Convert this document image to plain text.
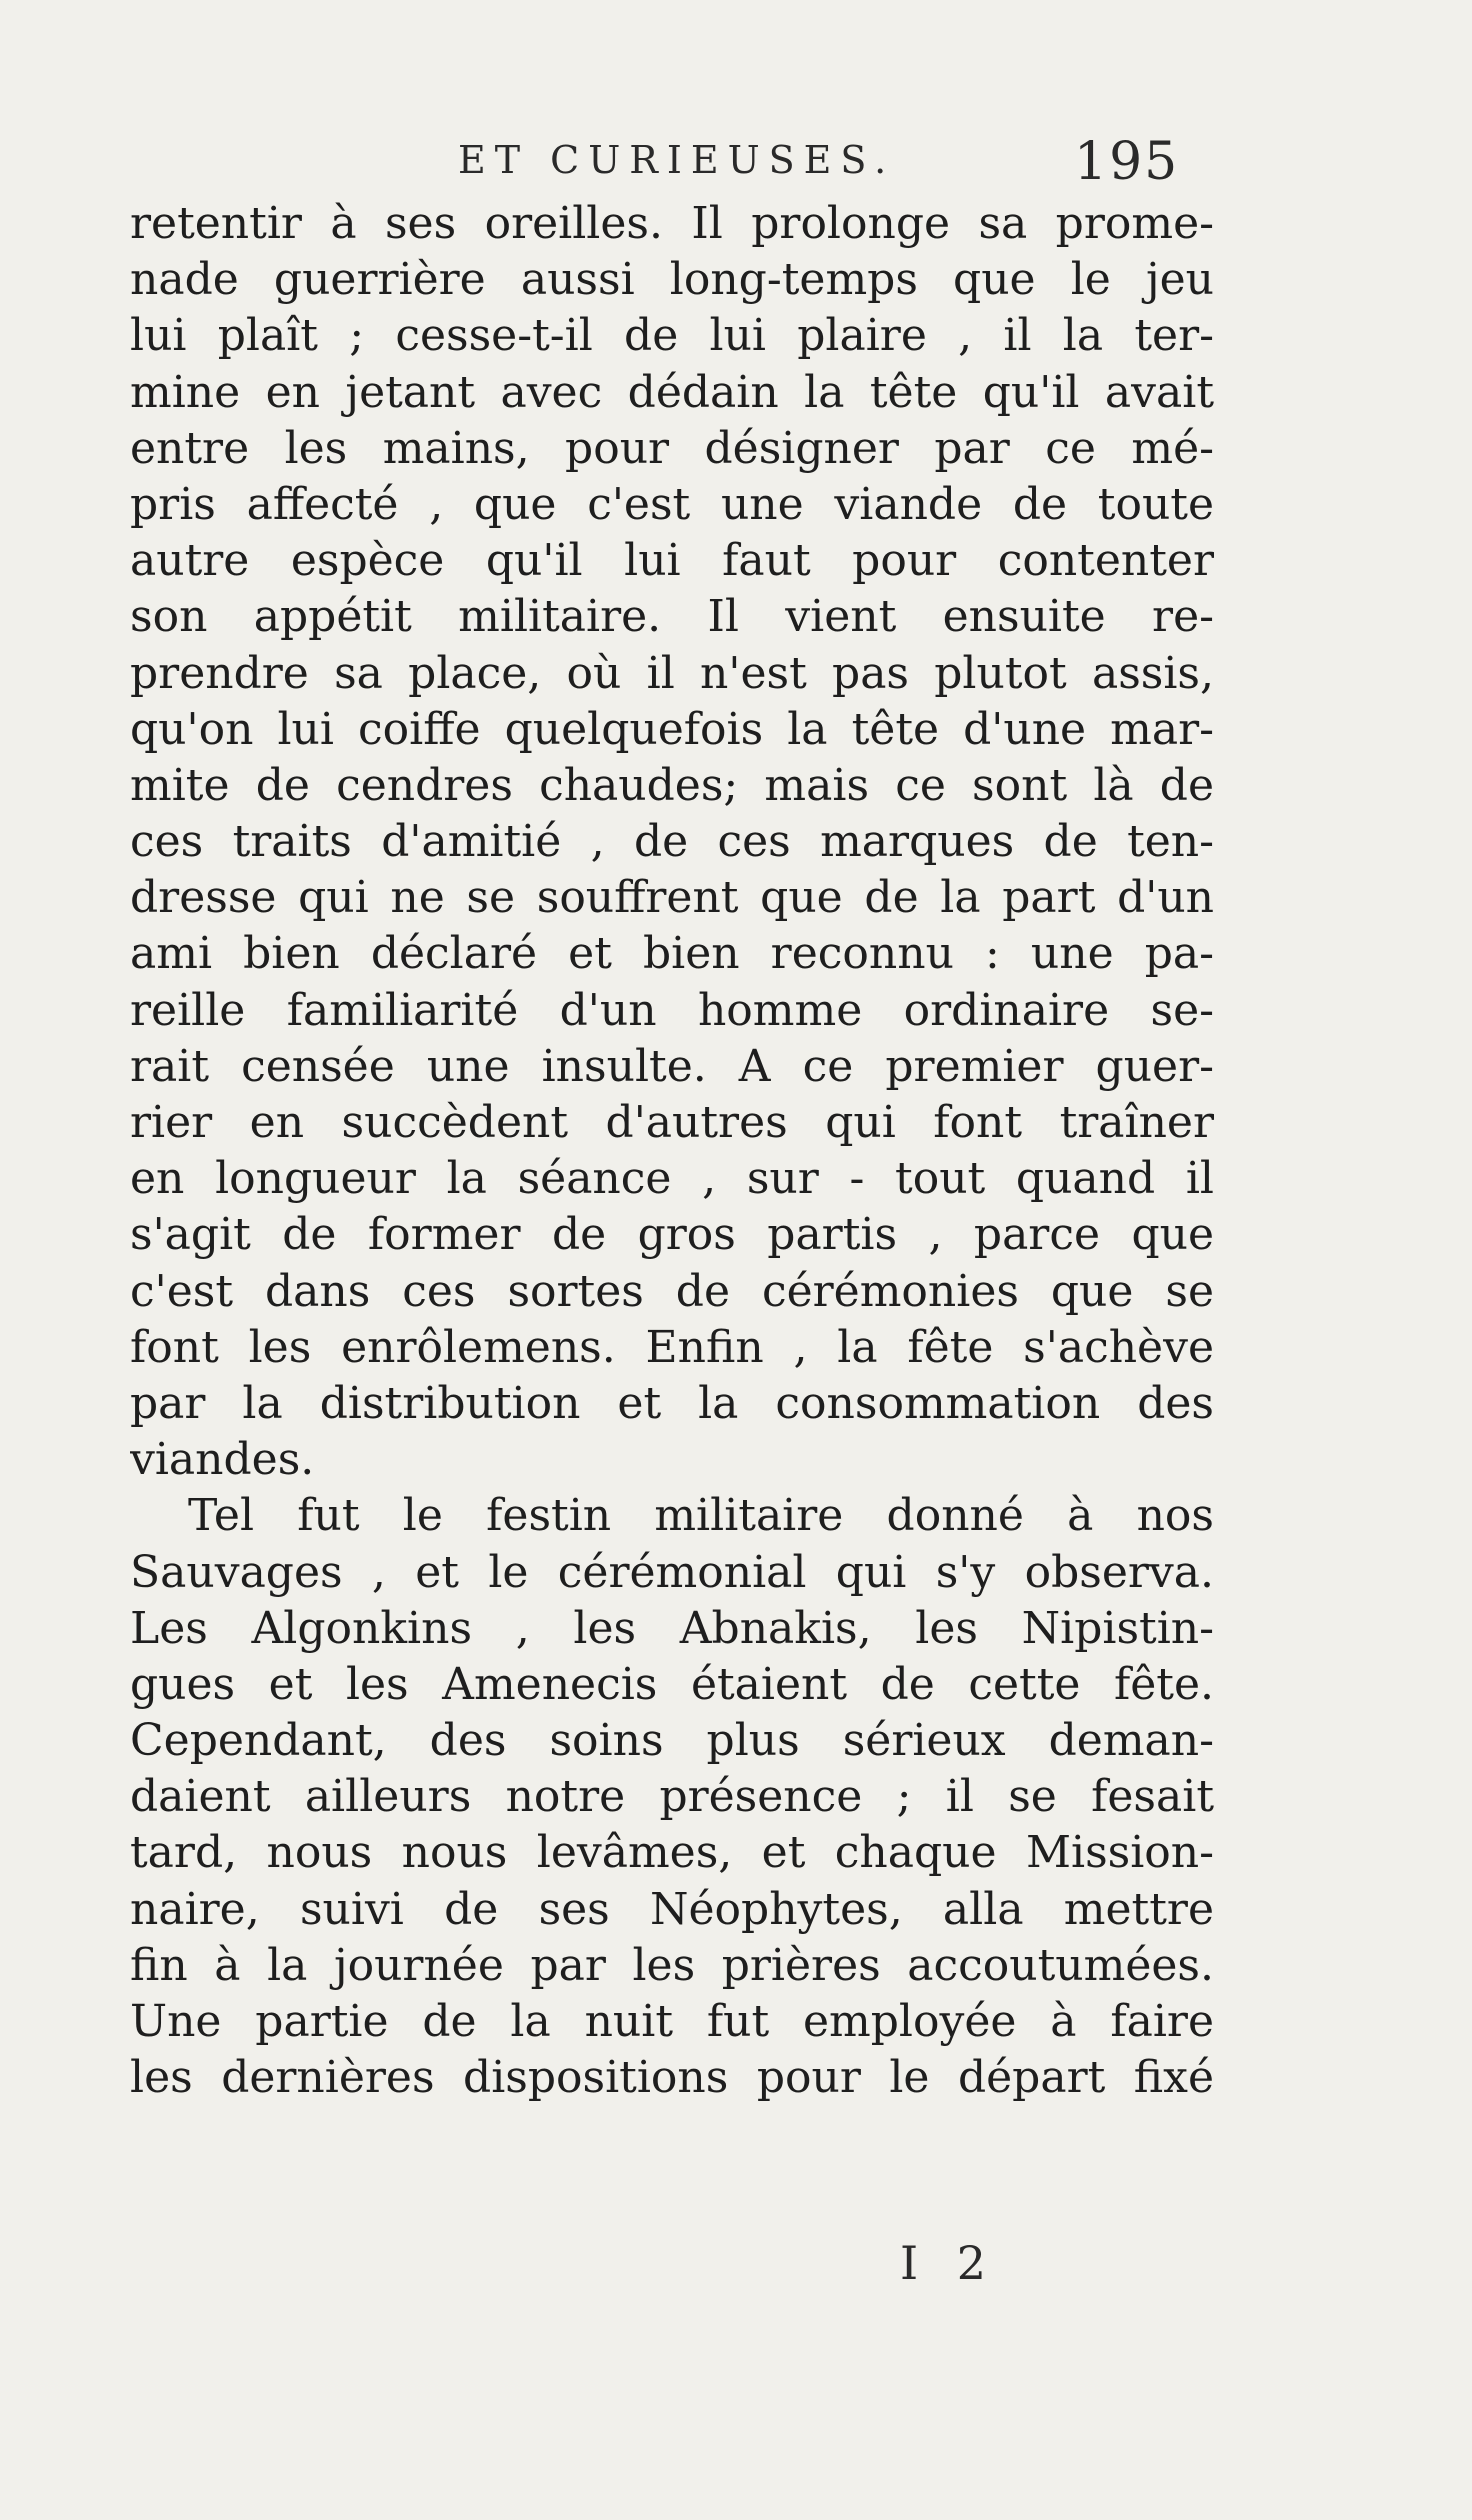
ET CURIEUSES.	195
retentir à ses oreilles. Il prolonge sa prome-
nade guerrière aussi long-temps que le jeu
lui plaît ; cesse-t-il de lui plaire , il la ter-
mine en jetant avec dédain la tête qu'il avait
entre les mains, pour désigner par ce mé-
pris affecté , que c'est une viande de toute
autre espèce qu'il lui faut pour contenter
son appétit militaire. Il vient ensuite re-
prendre sa place, où il n'est pas plutot assis,
qu'on lui coiffe quelquefois la tête d'une mar-
mite de cendres chaudes; mais ce sont là de
ces traits d'amitié , de ces marques de ten-
dresse qui ne se souffrent que de la part d'un
ami bien déclaré et bien reconnu : une pa-
reille familiarité d'un homme ordinaire se-
rait censée une insulte. A ce premier guer-
rier en succèdent d'autres qui font traîner
en longueur la séance , sur - tout quand il
s'agit de former de gros partis , parce que
c'est dans ces sortes de cérémonies que se
font les enrôlemens. Enfin , la fête s'achève
par la distribution et la consommation des
viandes.
Tel fut le festin militaire donné à nos
Sauvages , et le cérémonial qui s'y observa.
Les Algonkins , les Abnakis, les Nipistin-
gues et les Amenecis étaient de cette fête.
Cependant, des soins plus sérieux deman-
daient ailleurs notre présence ; il se fesait
tard, nous nous levâmes, et chaque Mission-
naire, suivi de ses Néophytes, alla mettre
fin à la journée par les prières accoutumées.
Une partie de la nuit fut employée à faire
les dernières dispositions pour le départ fixé
I 2
